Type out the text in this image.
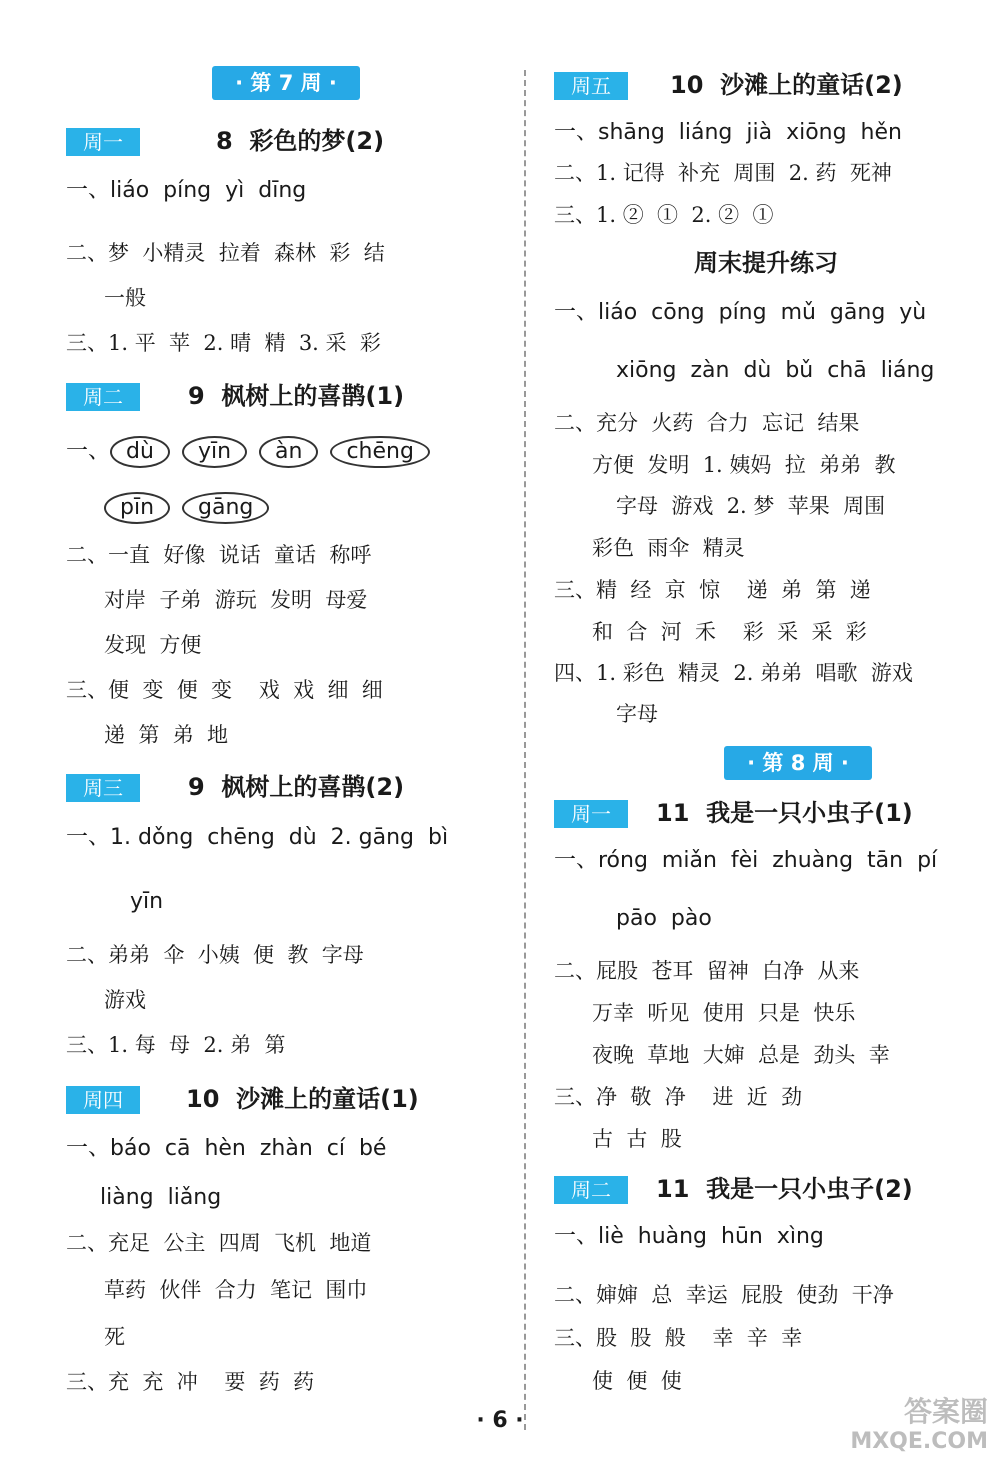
· 第 7 周 ·
周一	8  彩色的梦(2)
一、liáo  píng  yì  dīng
二、梦  小精灵  拉着  森林  彩  结
一般
三、1. 平  苹  2. 晴  精  3. 采  彩
周二	9  枫树上的喜鹊(1)
一、 dù yīn àn chēng
pīn gāng
二、一直  好像  说话  童话  称呼
对岸  子弟  游玩  发明  母爱
发现  方便
三、便  变  便  变    戏  戏  细  细
递  第  弟  地
周三	9  枫树上的喜鹊(2)
一、1. dǒng  chēng  dù  2. gāng  bì
yīn
二、弟弟  伞  小姨  便  教  字母
游戏
三、1. 每  母  2. 弟  第
周四	10  沙滩上的童话(1)
一、báo  cā  hèn  zhàn  cí  bé
liàng  liǎng
二、充足  公主  四周  飞机  地道
草药  伙伴  合力  笔记  围巾
死
三、充  充  冲    要  药  药
周五	10  沙滩上的童话(2)
一、shāng  liáng  jià  xiōng  hěn
二、1. 记得  补充  周围  2. 药  死神
三、1. ②  ①  2. ②  ①
周末提升练习
一、liáo  cōng  píng  mǔ  gāng  yù
xiōng  zàn  dù  bǔ  chā  liáng
二、充分  火药  合力  忘记  结果
方便  发明  1. 姨妈  拉  弟弟  教
字母  游戏  2. 梦  苹果  周围
彩色  雨伞  精灵
三、精  经  京  惊    递  弟  第  递
和  合  河  禾    彩  采  采  彩
四、1. 彩色  精灵  2. 弟弟  唱歌  游戏
字母
· 第 8 周 ·
周一	11  我是一只小虫子(1)
一、róng  miǎn  fèi  zhuàng  tān  pí
pāo  pào
二、屁股  苍耳  留神  白净  从来
万幸  听见  使用  只是  快乐
夜晚  草地  大婶  总是  劲头  幸
三、净  敬  净    进  近  劲
古  古  股
周二	11  我是一只小虫子(2)
一、liè  huàng  hūn  xìng
二、婶婶  总  幸运  屁股  使劲  干净
三、股  股  般    幸  辛  幸
使  便  使
· 6 ·	答案圈
MXQE.COM
